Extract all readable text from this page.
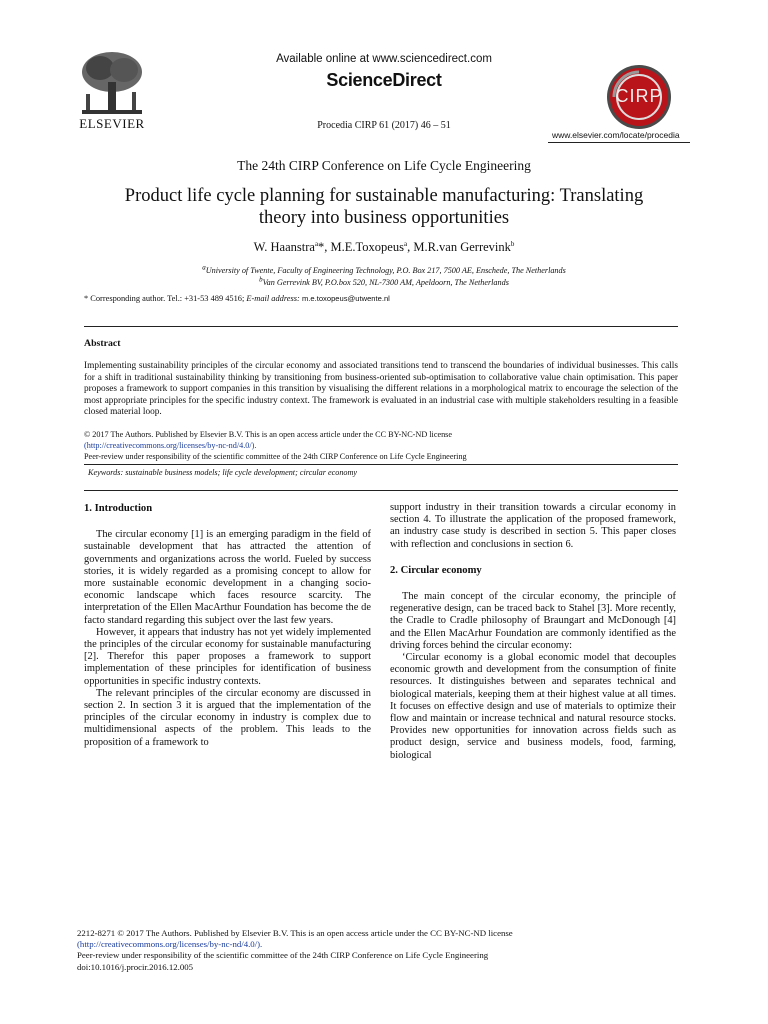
ELSEVIER
Available online at www.sciencedirect.com
ScienceDirect
Procedia CIRP 61 (2017) 46 – 51
CIRP
www.elsevier.com/locate/procedia
The 24th CIRP Conference on Life Cycle Engineering
Product life cycle planning for sustainable manufacturing: Translating
theory into business opportunities
W. Haanstra$^a$*, M.E.Toxopeus$^a$, M.R.van Gerrevink$^b$
$^a$University of Twente, Faculty of Engineering Technology, P.O. Box 217, 7500 AE, Enschede, The Netherlands
$^b$Van Gerrevink BV, P.O.box 520, NL-7300 AM, Apeldoorn, The Netherlands
* Corresponding author. Tel.: +31-53 489 4516; E-mail address: m.e.toxopeus@utwente.nl
Abstract
Implementing sustainability principles of the circular economy and associated transitions tend to transcend the boundaries of individual businesses. This calls for a shift in traditional sustainability thinking by transitioning from business-oriented sub-optimisation to collaborative value chain optimisation. This paper proposes a framework to support companies in this transition by visualising the different relations in a morphological matrix to encourage the selection of the most appropriate principles for the specific industry context. The framework is evaluated in an industrial case with multiple stakeholders resulting in a feasible closed material loop.
© 2017 The Authors. Published by Elsevier B.V. This is an open access article under the CC BY-NC-ND license
(http://creativecommons.org/licenses/by-nc-nd/4.0/).
Peer-review under responsibility of the scientific committee of the 24th CIRP Conference on Life Cycle Engineering
Keywords: sustainable business models; life cycle development; circular economy
1. Introduction

The circular economy [1] is an emerging paradigm in the field of sustainable development that has attracted the attention of governments and organizations across the world. Fueled by success stories, it is widely regarded as a promising concept to allow for more sustainable economic development in a changing socio-economic landscape which faces resource scarcity. The interpretation of the Ellen MacArthur Foundation has become the de facto standard regarding this subject over the last few years.

However, it appears that industry has not yet widely implemented the principles of the circular economy for sustainable manufacturing [2]. Therefor this paper proposes a framework to support implementation of these principles for identification of business opportunities in specific industry contexts.

The relevant principles of the circular economy are discussed in section 2. In section 3 it is argued that the implementation of the principles of the circular economy in industry is complex due to multidimensional aspects of the problem. This leads to the proposition of a framework to

support industry in their transition towards a circular economy in section 4. To illustrate the application of the proposed framework, an industry case study is described in section 5. This paper closes with reflection and conclusions in section 6.

2. Circular economy

The main concept of the circular economy, the principle of regenerative design, can be traced back to Stahel [3]. More recently, the Cradle to Cradle philosophy of Braungart and McDonough [4] and the Ellen MacArhur Foundation are commonly identified as the driving forces behind the circular economy:

‘Circular economy is a global economic model that decouples economic growth and development from the consumption of finite resources. It distinguishes between and separates technical and biological materials, keeping them at their highest value at all times. It focuses on effective design and use of materials to optimize their flow and maintain or increase technical and natural resource stocks. Provides new opportunities for innovation across fields such as product design, service and business models, food, farming, biological

2212-8271 © 2017 The Authors. Published by Elsevier B.V. This is an open access article under the CC BY-NC-ND license
(http://creativecommons.org/licenses/by-nc-nd/4.0/).
Peer-review under responsibility of the scientific committee of the 24th CIRP Conference on Life Cycle Engineering
doi:10.1016/j.procir.2016.12.005
